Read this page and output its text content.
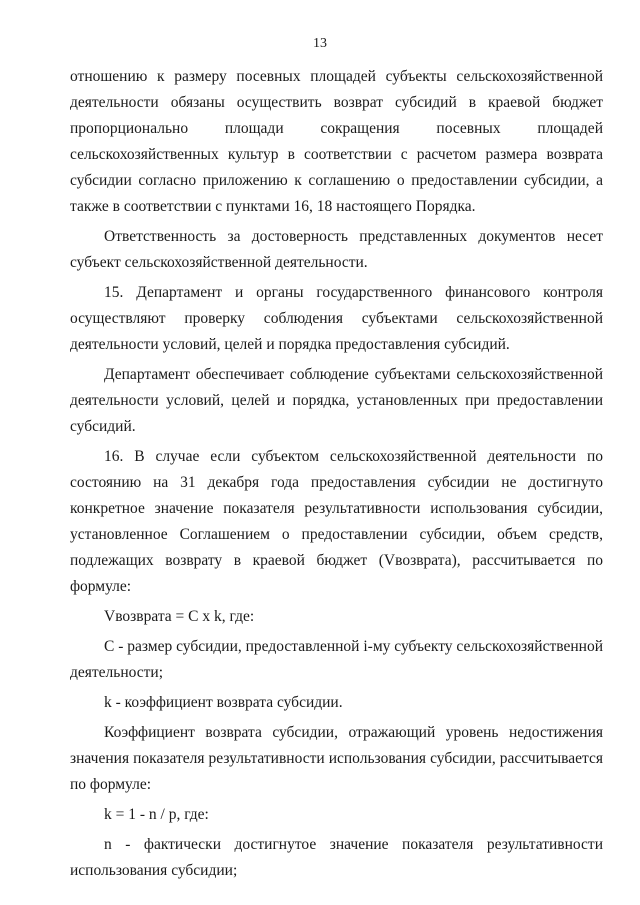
13

отношению к размеру посевных площадей субъекты сельскохозяйственной деятельности обязаны осуществить возврат субсидий в краевой бюджет пропорционально площади сокращения посевных площадей сельскохозяйственных культур в соответствии с расчетом размера возврата субсидии согласно приложению к соглашению о предоставлении субсидии, а также в соответствии с пунктами 16, 18 настоящего Порядка.

Ответственность за достоверность представленных документов несет субъект сельскохозяйственной деятельности.

15. Департамент и органы государственного финансового контроля осуществляют проверку соблюдения субъектами сельскохозяйственной деятельности условий, целей и порядка предоставления субсидий.

Департамент обеспечивает соблюдение субъектами сельскохозяйственной деятельности условий, целей и порядка, установленных при предоставлении субсидий.

16. В случае если субъектом сельскохозяйственной деятельности по состоянию на 31 декабря года предоставления субсидии не достигнуто конкретное значение показателя результативности использования субсидии, установленное Соглашением о предоставлении субсидии, объем средств, подлежащих возврату в краевой бюджет (Vвозврата), рассчитывается по формуле:

Vвозврата = C x k, где:

C - размер субсидии, предоставленной i-му субъекту сельскохозяйственной деятельности;

k - коэффициент возврата субсидии.

Коэффициент возврата субсидии, отражающий уровень недостижения значения показателя результативности использования субсидии, рассчитывается по формуле:

k = 1 - n / p, где:

n - фактически достигнутое значение показателя результативности использования субсидии;
